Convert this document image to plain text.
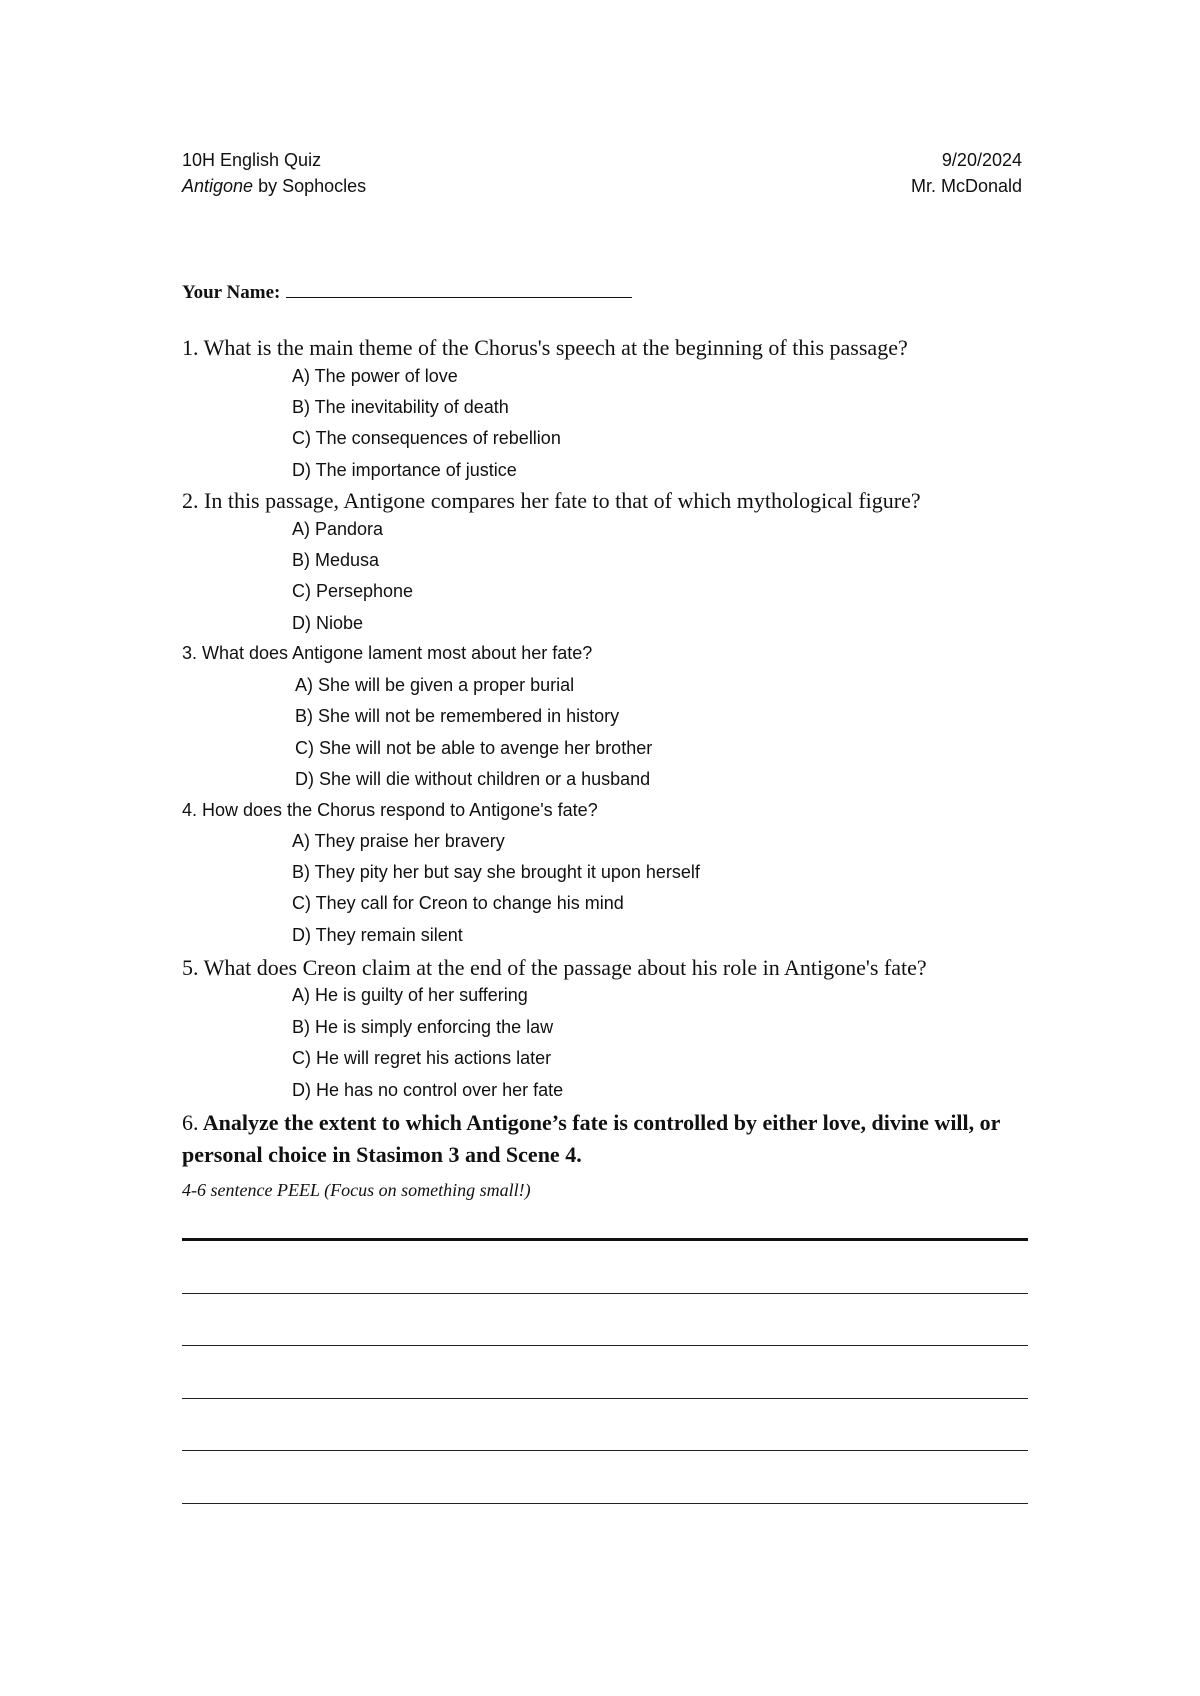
10H English Quiz	9/20/2024
Antigone by Sophocles	Mr. McDonald
Your Name:
1. What is the main theme of the Chorus's speech at the beginning of this passage?
A) The power of love
B) The inevitability of death
C) The consequences of rebellion
D) The importance of justice
2. In this passage, Antigone compares her fate to that of which mythological figure?
A) Pandora
B) Medusa
C) Persephone
D) Niobe
3. What does Antigone lament most about her fate?
A) She will be given a proper burial
B) She will not be remembered in history
C) She will not be able to avenge her brother
D) She will die without children or a husband
4. How does the Chorus respond to Antigone's fate?
A) They praise her bravery
B) They pity her but say she brought it upon herself
C) They call for Creon to change his mind
D) They remain silent
5. What does Creon claim at the end of the passage about his role in Antigone's fate?
A) He is guilty of her suffering
B) He is simply enforcing the law
C) He will regret his actions later
D) He has no control over her fate
6. Analyze the extent to which Antigone’s fate is controlled by either love, divine will, or personal choice in Stasimon 3 and Scene 4.
4-6 sentence PEEL (Focus on something small!)
